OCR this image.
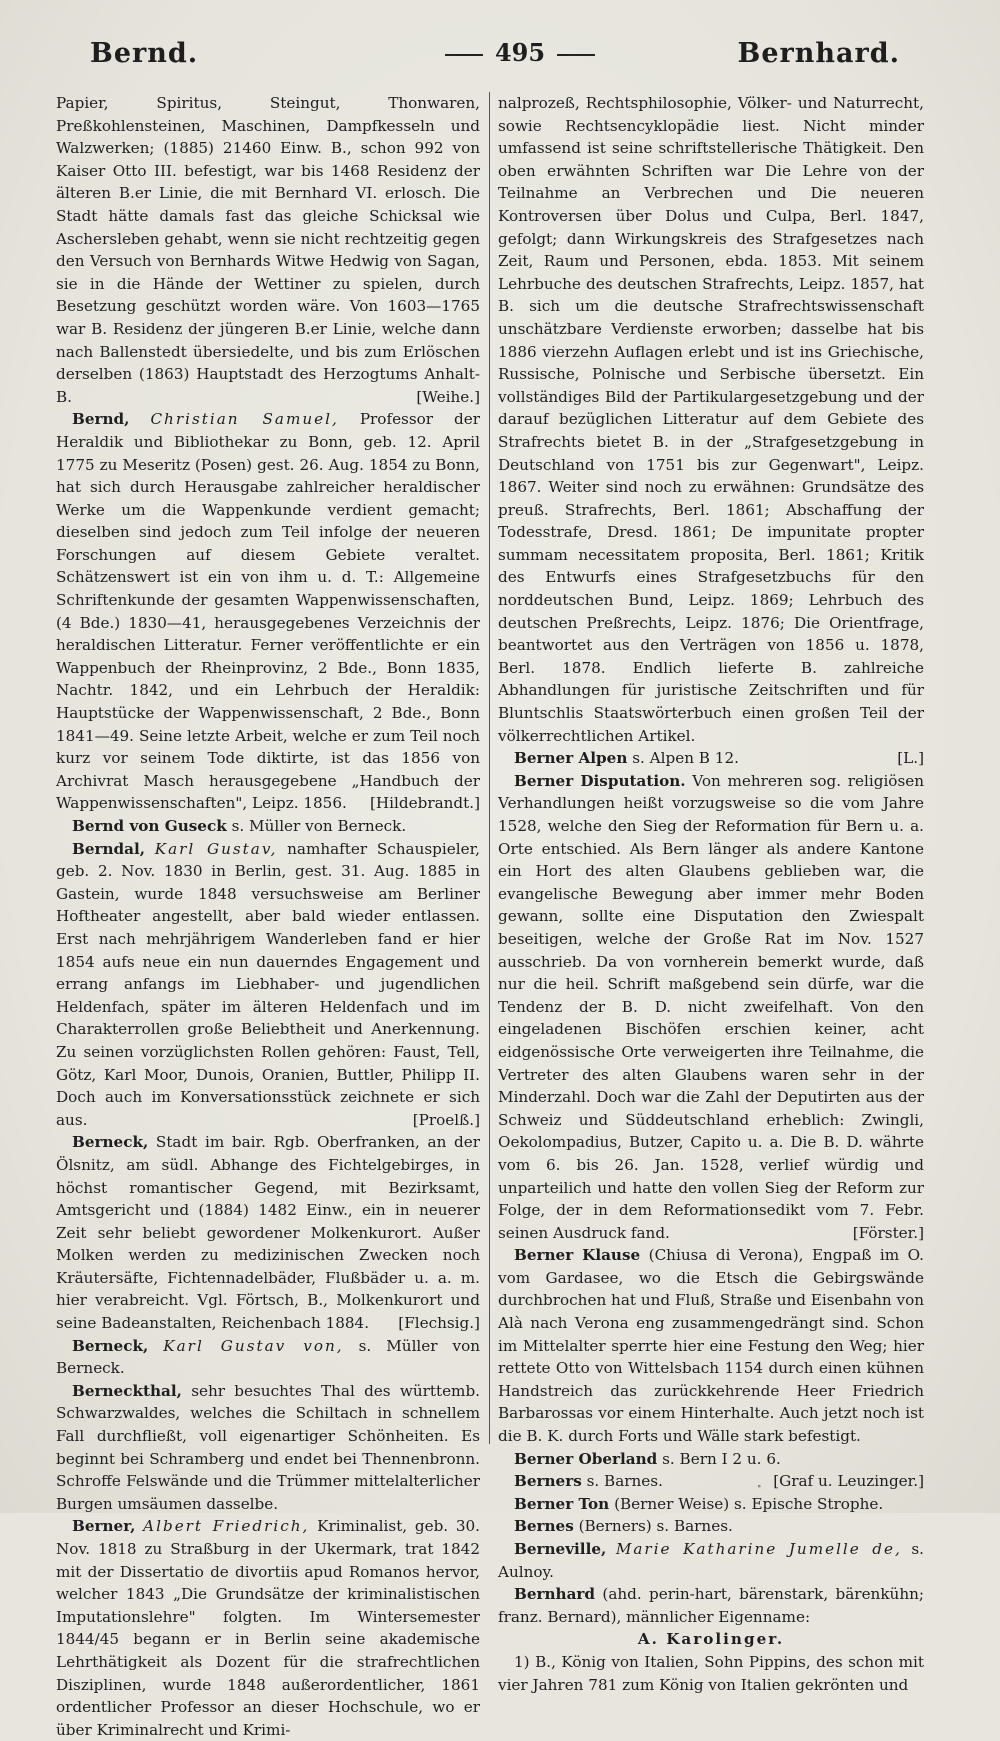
Bernd.	495	Bernhard.

Papier, Spiritus, Steingut, Thonwaren, Preßkohlensteinen, Maschinen, Dampfkesseln und Walzwerken; (1885) 21460 Einw. B., schon 992 von Kaiser Otto III. befestigt, war bis 1468 Residenz der älteren B.er Linie, die mit Bernhard VI. erlosch. Die Stadt hätte damals fast das gleiche Schicksal wie Aschersleben gehabt, wenn sie nicht rechtzeitig gegen den Versuch von Bernhards Witwe Hedwig von Sagan, sie in die Hände der Wettiner zu spielen, durch Besetzung geschützt worden wäre. Von 1603—1765 war B. Residenz der jüngeren B.er Linie, welche dann nach Ballenstedt übersiedelte, und bis zum Erlöschen derselben (1863) Hauptstadt des Herzogtums Anhalt-B.	[Weihe.]

Bernd, Christian Samuel, Professor der Heraldik und Bibliothekar zu Bonn, geb. 12. April 1775 zu Meseritz (Posen) gest. 26. Aug. 1854 zu Bonn, hat sich durch Herausgabe zahlreicher heraldischer Werke um die Wappenkunde verdient gemacht; dieselben sind jedoch zum Teil infolge der neueren Forschungen auf diesem Gebiete veraltet. Schätzenswert ist ein von ihm u. d. T.: Allgemeine Schriftenkunde der gesamten Wappenwissenschaften, (4 Bde.) 1830—41, herausgegebenes Verzeichnis der heraldischen Litteratur. Ferner veröffentlichte er ein Wappenbuch der Rheinprovinz, 2 Bde., Bonn 1835, Nachtr. 1842, und ein Lehrbuch der Heraldik: Hauptstücke der Wappenwissenschaft, 2 Bde., Bonn 1841—49. Seine letzte Arbeit, welche er zum Teil noch kurz vor seinem Tode diktirte, ist das 1856 von Archivrat Masch herausgegebene „Handbuch der Wappenwissenschaften", Leipz. 1856.	[Hildebrandt.]

Bernd von Guseck s. Müller von Berneck.

Berndal, Karl Gustav, namhafter Schauspieler, geb. 2. Nov. 1830 in Berlin, gest. 31. Aug. 1885 in Gastein, wurde 1848 versuchsweise am Berliner Hoftheater angestellt, aber bald wieder entlassen. Erst nach mehrjährigem Wanderleben fand er hier 1854 aufs neue ein nun dauerndes Engagement und errang anfangs im Liebhaber- und jugendlichen Heldenfach, später im älteren Heldenfach und im Charakterrollen große Beliebtheit und Anerkennung. Zu seinen vorzüglichsten Rollen gehören: Faust, Tell, Götz, Karl Moor, Dunois, Oranien, Buttler, Philipp II. Doch auch im Konversationsstück zeichnete er sich aus.	[Proelß.]

Berneck, Stadt im bair. Rgb. Oberfranken, an der Ölsnitz, am südl. Abhange des Fichtelgebirges, in höchst romantischer Gegend, mit Bezirksamt, Amtsgericht und (1884) 1482 Einw., ein in neuerer Zeit sehr beliebt gewordener Molkenkurort. Außer Molken werden zu medizinischen Zwecken noch Kräutersäfte, Fichtennadelbäder, Flußbäder u. a. m. hier verabreicht. Vgl. Förtsch, B., Molkenkurort und seine Badeanstalten, Reichenbach 1884.	[Flechsig.]

Berneck, Karl Gustav von, s. Müller von Berneck.

Berneckthal, sehr besuchtes Thal des württemb. Schwarzwaldes, welches die Schiltach in schnellem Fall durchfließt, voll eigenartiger Schönheiten. Es beginnt bei Schramberg und endet bei Thennenbronn. Schroffe Felswände und die Trümmer mittelalterlicher Burgen umsäumen dasselbe.

Berner, Albert Friedrich, Kriminalist, geb. 30. Nov. 1818 zu Straßburg in der Ukermark, trat 1842 mit der Dissertatio de divortiis apud Romanos hervor, welcher 1843 „Die Grundsätze der kriminalistischen Imputationslehre" folgten. Im Wintersemester 1844/45 begann er in Berlin seine akademische Lehrthätigkeit als Dozent für die strafrechtlichen Disziplinen, wurde 1848 außerordentlicher, 1861 ordentlicher Professor an dieser Hochschule, wo er über Kriminalrecht und Krimi-

nalprozeß, Rechtsphilosophie, Völker- und Naturrecht, sowie Rechtsencyklopädie liest. Nicht minder umfassend ist seine schriftstellerische Thätigkeit. Den oben erwähnten Schriften war Die Lehre von der Teilnahme an Verbrechen und Die neueren Kontroversen über Dolus und Culpa, Berl. 1847, gefolgt; dann Wirkungskreis des Strafgesetzes nach Zeit, Raum und Personen, ebda. 1853. Mit seinem Lehrbuche des deutschen Strafrechts, Leipz. 1857, hat B. sich um die deutsche Strafrechtswissenschaft unschätzbare Verdienste erworben; dasselbe hat bis 1886 vierzehn Auflagen erlebt und ist ins Griechische, Russische, Polnische und Serbische übersetzt. Ein vollständiges Bild der Partikulargesetzgebung und der darauf bezüglichen Litteratur auf dem Gebiete des Strafrechts bietet B. in der „Strafgesetzgebung in Deutschland von 1751 bis zur Gegenwart", Leipz. 1867. Weiter sind noch zu erwähnen: Grundsätze des preuß. Strafrechts, Berl. 1861; Abschaffung der Todesstrafe, Dresd. 1861; De impunitate propter summam necessitatem proposita, Berl. 1861; Kritik des Entwurfs eines Strafgesetzbuchs für den norddeutschen Bund, Leipz. 1869; Lehrbuch des deutschen Preßrechts, Leipz. 1876; Die Orientfrage, beantwortet aus den Verträgen von 1856 u. 1878, Berl. 1878. Endlich lieferte B. zahlreiche Abhandlungen für juristische Zeitschriften und für Bluntschlis Staatswörterbuch einen großen Teil der völkerrechtlichen Artikel.

Berner Alpen s. Alpen B 12.	[L.]

Berner Disputation. Von mehreren sog. religiösen Verhandlungen heißt vorzugsweise so die vom Jahre 1528, welche den Sieg der Reformation für Bern u. a. Orte entschied. Als Bern länger als andere Kantone ein Hort des alten Glaubens geblieben war, die evangelische Bewegung aber immer mehr Boden gewann, sollte eine Disputation den Zwiespalt beseitigen, welche der Große Rat im Nov. 1527 ausschrieb. Da von vornherein bemerkt wurde, daß nur die heil. Schrift maßgebend sein dürfe, war die Tendenz der B. D. nicht zweifelhaft. Von den eingeladenen Bischöfen erschien keiner, acht eidgenössische Orte verweigerten ihre Teilnahme, die Vertreter des alten Glaubens waren sehr in der Minderzahl. Doch war die Zahl der Deputirten aus der Schweiz und Süddeutschland erheblich: Zwingli, Oekolompadius, Butzer, Capito u. a. Die B. D. währte vom 6. bis 26. Jan. 1528, verlief würdig und unparteilich und hatte den vollen Sieg der Reform zur Folge, der in dem Reformationsedikt vom 7. Febr. seinen Ausdruck fand.	[Förster.]

Berner Klause (Chiusa di Verona), Engpaß im O. vom Gardasee, wo die Etsch die Gebirgswände durchbrochen hat und Fluß, Straße und Eisenbahn von Alà nach Verona eng zusammengedrängt sind. Schon im Mittelalter sperrte hier eine Festung den Weg; hier rettete Otto von Wittelsbach 1154 durch einen kühnen Handstreich das zurückkehrende Heer Friedrich Barbarossas vor einem Hinterhalte. Auch jetzt noch ist die B. K. durch Forts und Wälle stark befestigt.

Berner Oberland s. Bern I 2 u. 6.
[Graf u. Leuzinger.]

Berners s. Barnes.

Berner Ton (Berner Weise) s. Epische Strophe.

Bernes (Berners) s. Barnes.

Berneville, Marie Katharine Jumelle de, s. Aulnoy.

Bernhard (ahd. perin-hart, bärenstark, bärenkühn; franz. Bernard), männlicher Eigenname:

A. Karolinger.

1) B., König von Italien, Sohn Pippins, des schon mit vier Jahren 781 zum König von Italien gekrönten und

∘
